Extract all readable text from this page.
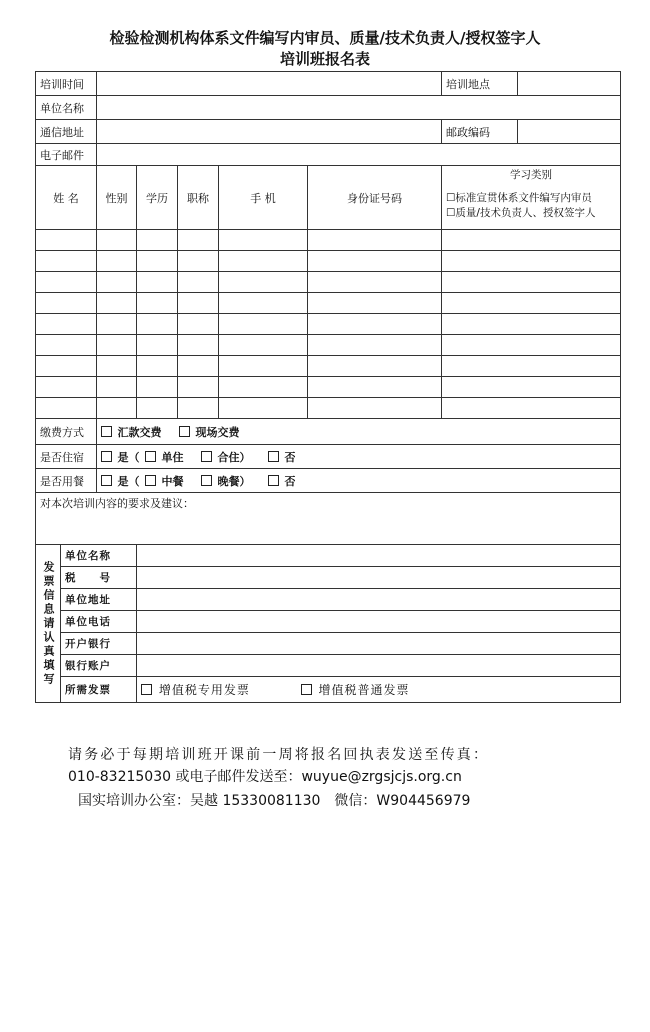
检验检测机构体系文件编写内审员、质量/技术负责人/授权签字人
培训班报名表
培训时间							培训地点	
单位名称								
通信地址							邮政编码	
电子邮件								
姓 名		性别	学历	职称	手 机	身份证号码	学习类别
☐标准宣贯体系文件编写内审员
☐质量/技术负责人、授权签字人	

缴费方式		汇款交费 现场交费						
是否住宿		是（ 单住 合住） 否						
是否用餐		是（ 中餐 晚餐） 否						
对本次培训内容的要求及建议：								
发票信息请认真填写	单位名称							
	税　　号							
	单位地址							
	单位电话							
	开户银行							
	银行账户							
	所需发票		增值税专用发票 增值税普通发票					
请务必于每期培训班开课前一周将报名回执表发送至传真：
010-83215030 或电子邮件发送至：wuyue@zrgsjcjs.org.cn
国实培训办公室：吴越 15330081130　微信：W904456979
